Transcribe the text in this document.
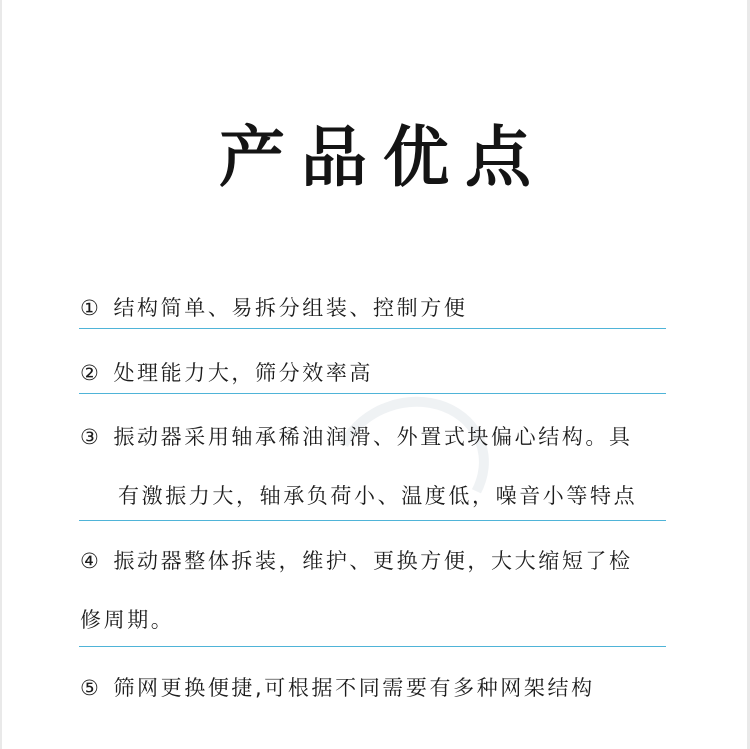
产品优点
① 结构简单、易拆分组装、控制方便
② 处理能力大，筛分效率高
③ 振动器采用轴承稀油润滑、外置式块偏心结构。具
有激振力大，轴承负荷小、温度低，噪音小等特点
④ 振动器整体拆装，维护、更换方便，大大缩短了检
修周期。
⑤ 筛网更换便捷,可根据不同需要有多种网架结构
